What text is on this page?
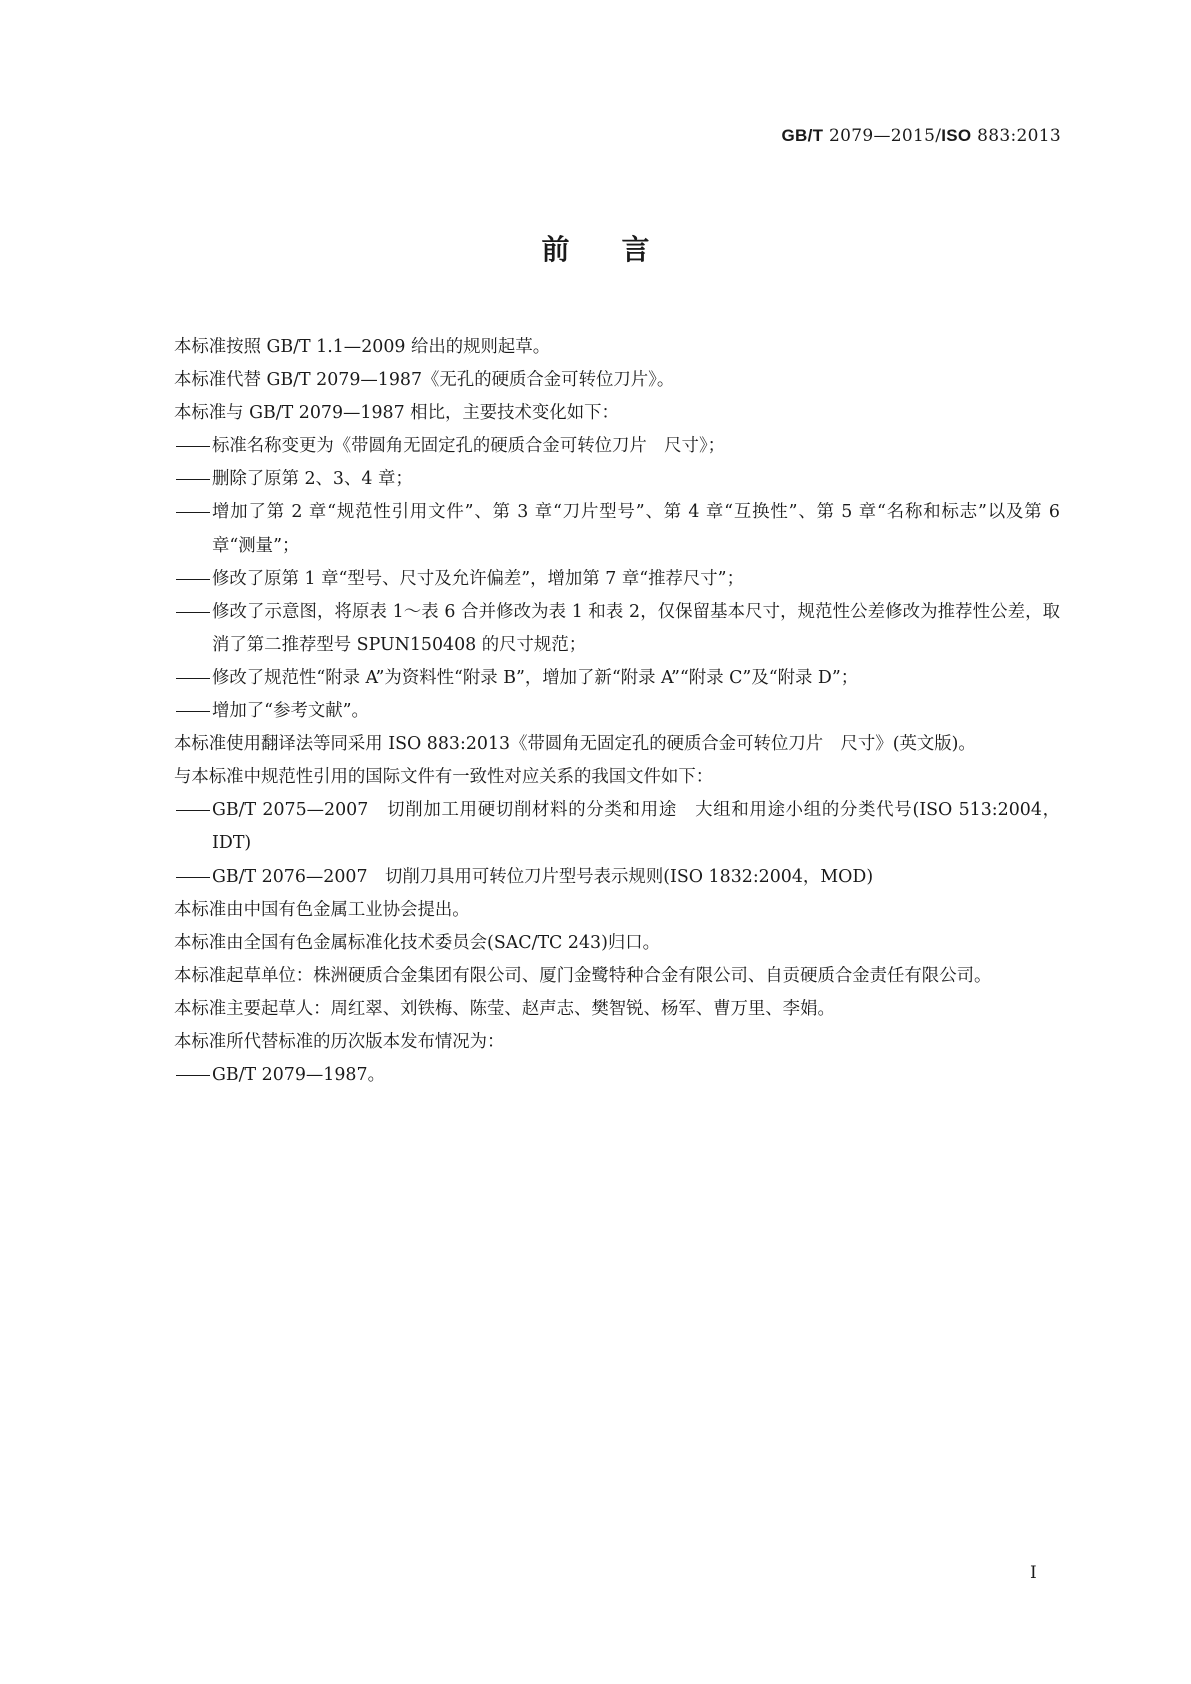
GB/T 2079—2015/ISO 883:2013
前言

本标准按照 GB/T 1.1—2009 给出的规则起草。

本标准代替 GB/T 2079—1987《无孔的硬质合金可转位刀片》。

本标准与 GB/T 2079—1987 相比，主要技术变化如下：

标准名称变更为《带圆角无固定孔的硬质合金可转位刀片　尺寸》；
删除了原第 2、3、4 章；
增加了第 2 章“规范性引用文件”、第 3 章“刀片型号”、第 4 章“互换性”、第 5 章“名称和标志”以及第 6 章“测量”；
修改了原第 1 章“型号、尺寸及允许偏差”，增加第 7 章“推荐尺寸”；
修改了示意图，将原表 1～表 6 合并修改为表 1 和表 2，仅保留基本尺寸，规范性公差修改为推荐性公差，取消了第二推荐型号 SPUN150408 的尺寸规范；
修改了规范性“附录 A”为资料性“附录 B”，增加了新“附录 A”“附录 C”及“附录 D”；
增加了“参考文献”。

本标准使用翻译法等同采用 ISO 883:2013《带圆角无固定孔的硬质合金可转位刀片　尺寸》(英文版)。

与本标准中规范性引用的国际文件有一致性对应关系的我国文件如下：

GB/T 2075—2007　切削加工用硬切削材料的分类和用途　大组和用途小组的分类代号(ISO 513:2004，IDT)
GB/T 2076—2007　切削刀具用可转位刀片型号表示规则(ISO 1832:2004，MOD)

本标准由中国有色金属工业协会提出。

本标准由全国有色金属标准化技术委员会(SAC/TC 243)归口。

本标准起草单位：株洲硬质合金集团有限公司、厦门金鹭特种合金有限公司、自贡硬质合金责任有限公司。

本标准主要起草人：周红翠、刘铁梅、陈莹、赵声志、樊智锐、杨军、曹万里、李娟。

本标准所代替标准的历次版本发布情况为：

GB/T 2079—1987。
I
